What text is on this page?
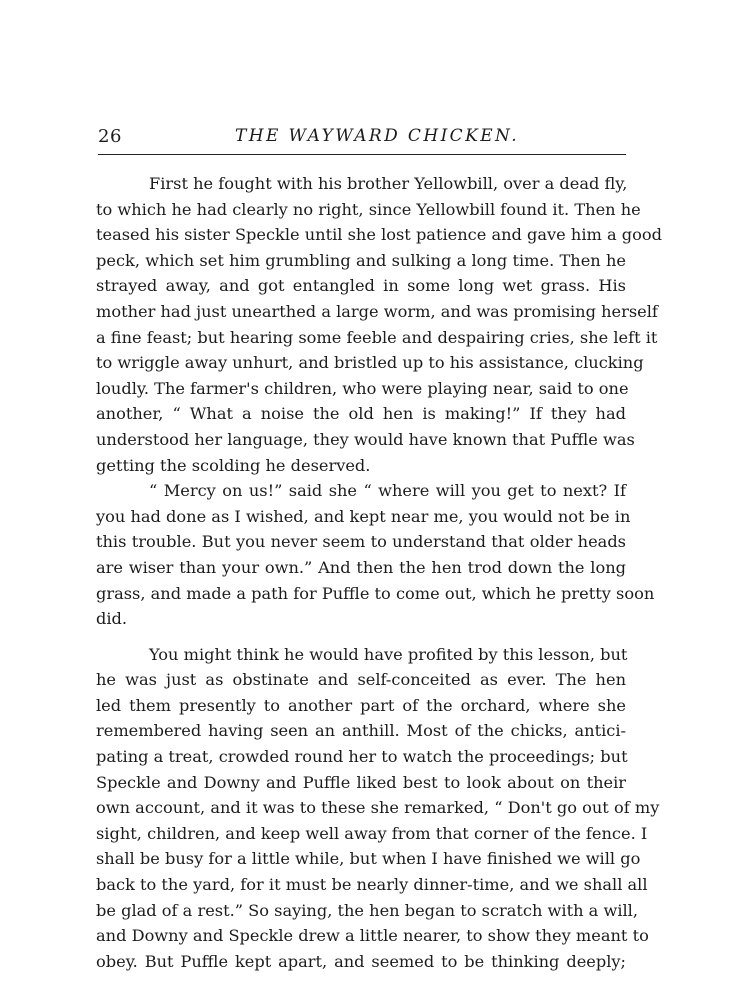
26	THE WAYWARD CHICKEN.
First he fought with his brother Yellowbill, over a dead fly,
to which he had clearly no right, since Yellowbill found it. Then he
teased his sister Speckle until she lost patience and gave him a good
peck, which set him grumbling and sulking a long time. Then he
strayed away, and got entangled in some long wet grass. His
mother had just unearthed a large worm, and was promising herself
a fine feast; but hearing some feeble and despairing cries, she left it
to wriggle away unhurt, and bristled up to his assistance, clucking
loudly. The farmer's children, who were playing near, said to one
another, “ What a noise the old hen is making!” If they had
understood her language, they would have known that Puffle was
getting the scolding he deserved.
“ Mercy on us!” said she “ where will you get to next? If
you had done as I wished, and kept near me, you would not be in
this trouble. But you never seem to understand that older heads
are wiser than your own.” And then the hen trod down the long
grass, and made a path for Puffle to come out, which he pretty soon
did.
You might think he would have profited by this lesson, but
he was just as obstinate and self-conceited as ever. The hen
led them presently to another part of the orchard, where she
remembered having seen an anthill. Most of the chicks, antici-
pating a treat, crowded round her to watch the proceedings; but
Speckle and Downy and Puffle liked best to look about on their
own account, and it was to these she remarked, “ Don't go out of my
sight, children, and keep well away from that corner of the fence. I
shall be busy for a little while, but when I have finished we will go
back to the yard, for it must be nearly dinner-time, and we shall all
be glad of a rest.” So saying, the hen began to scratch with a will,
and Downy and Speckle drew a little nearer, to show they meant to
obey. But Puffle kept apart, and seemed to be thinking deeply;
